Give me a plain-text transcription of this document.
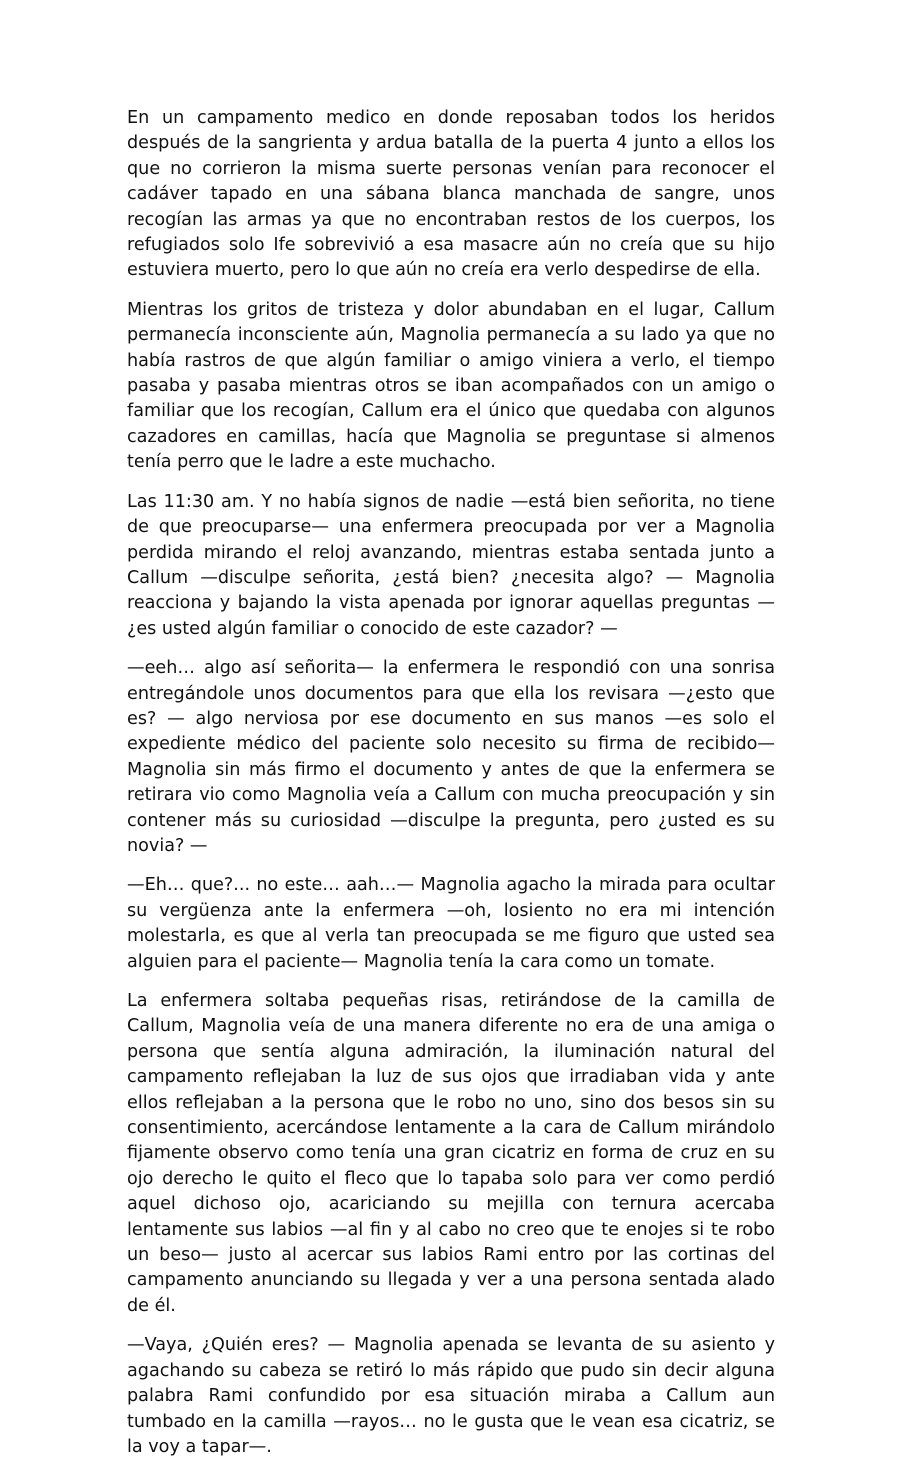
En un campamento medico en donde reposaban todos los heridos después de la sangrienta y ardua batalla de la puerta 4 junto a ellos los que no corrieron la misma suerte personas venían para reconocer el cadáver tapado en una sábana blanca manchada de sangre, unos recogían las armas ya que no encontraban restos de los cuerpos, los refugiados solo Ife sobrevivió a esa masacre aún no creía que su hijo estuviera muerto, pero lo que aún no creía era verlo despedirse de ella.

Mientras los gritos de tristeza y dolor abundaban en el lugar, Callum permanecía inconsciente aún, Magnolia permanecía a su lado ya que no había rastros de que algún familiar o amigo viniera a verlo, el tiempo pasaba y pasaba mientras otros se iban acompañados con un amigo o familiar que los recogían, Callum era el único que quedaba con algunos cazadores en camillas, hacía que Magnolia se preguntase si almenos tenía perro que le ladre a este muchacho.

Las 11:30 am. Y no había signos de nadie —está bien señorita, no tiene de que preocuparse— una enfermera preocupada por ver a Magnolia perdida mirando el reloj avanzando, mientras estaba sentada junto a Callum —disculpe señorita, ¿está bien? ¿necesita algo? — Magnolia reacciona y bajando la vista apenada por ignorar aquellas preguntas —¿es usted algún familiar o conocido de este cazador? —

—eeh… algo así señorita— la enfermera le respondió con una sonrisa entregándole unos documentos para que ella los revisara —¿esto que es? — algo nerviosa por ese documento en sus manos —es solo el expediente médico del paciente solo necesito su firma de recibido— Magnolia sin más firmo el documento y antes de que la enfermera se retirara vio como Magnolia veía a Callum con mucha preocupación y sin contener más su curiosidad —disculpe la pregunta, pero ¿usted es su novia? —

—Eh… que?... no este… aah…— Magnolia agacho la mirada para ocultar su vergüenza ante la enfermera —oh, losiento no era mi intención molestarla, es que al verla tan preocupada se me figuro que usted sea alguien para el paciente— Magnolia tenía la cara como un tomate.

La enfermera soltaba pequeñas risas, retirándose de la camilla de Callum, Magnolia veía de una manera diferente no era de una amiga o persona que sentía alguna admiración, la iluminación natural del campamento reflejaban la luz de sus ojos que irradiaban vida y ante ellos reflejaban a la persona que le robo no uno, sino dos besos sin su consentimiento, acercándose lentamente a la cara de Callum mirándolo fijamente observo como tenía una gran cicatriz en forma de cruz en su ojo derecho le quito el fleco que lo tapaba solo para ver como perdió aquel dichoso ojo, acariciando su mejilla con ternura acercaba lentamente sus labios —al fin y al cabo no creo que te enojes si te robo un beso— justo al acercar sus labios Rami entro por las cortinas del campamento anunciando su llegada y ver a una persona sentada alado de él.

—Vaya, ¿Quién eres? — Magnolia apenada se levanta de su asiento y agachando su cabeza se retiró lo más rápido que pudo sin decir alguna palabra Rami confundido por esa situación miraba a Callum aun tumbado en la camilla —rayos… no le gusta que le vean esa cicatriz, se la voy a tapar—.
